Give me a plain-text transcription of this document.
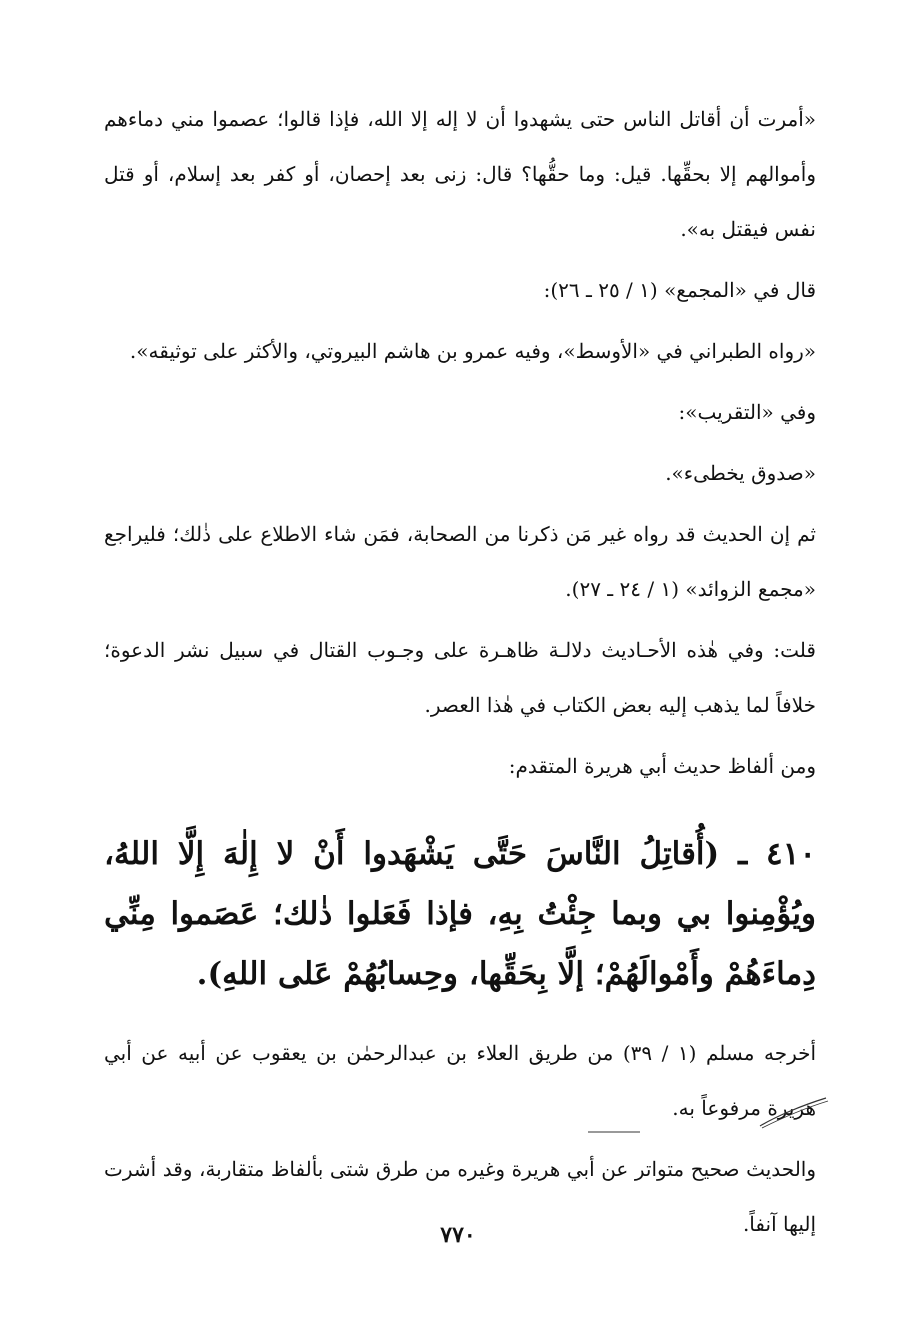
«أمرت أن أقاتل الناس حتى يشهدوا أن لا إله إلا الله، فإذا قالوا؛ عصموا مني دماءهم وأموالهم إلا بحقِّها. قيل: وما حقُّها؟ قال: زنى بعد إحصان، أو كفر بعد إسلام، أو قتل نفس فيقتل به».

قال في «المجمع» (١ / ٢٥ ـ ٢٦):

«رواه الطبراني في «الأوسط»، وفيه عمرو بن هاشم البيروتي، والأكثر على توثيقه».

وفي «التقريب»:

«صدوق يخطىء».

ثم إن الحديث قد رواه غير مَن ذكرنا من الصحابة، فمَن شاء الاطلاع على ذٰلك؛ فليراجع «مجمع الزوائد» (١ / ٢٤ ـ ٢٧).

قلت: وفي هٰذه الأحـاديث دلالـة ظاهـرة على وجـوب القتال في سبيل نشر الدعوة؛ خلافاً لما يذهب إليه بعض الكتاب في هٰذا العصر.

ومن ألفاظ حديث أبي هريرة المتقدم:

٤١٠ ـ (أُقاتِلُ النَّاسَ حَتَّى يَشْهَدوا أَنْ لا إِلٰهَ إِلَّا اللهُ، ويُؤْمِنوا بي وبما جِئْتُ بِهِ، فإذا فَعَلوا ذٰلك؛ عَصَموا مِنِّي دِماءَهُمْ وأَمْوالَهُمْ؛ إلَّا بِحَقِّها، وحِسابُهُمْ عَلى اللهِ).

أخرجه مسلم (١ / ٣٩) من طريق العلاء بن عبدالرحمٰن بن يعقوب عن أبيه عن أبي هريرة مرفوعاً به.

والحديث صحيح متواتر عن أبي هريرة وغيره من طرق شتى بألفاظ متقاربة، وقد أشرت إليها آنفاً.

٧٧٠
